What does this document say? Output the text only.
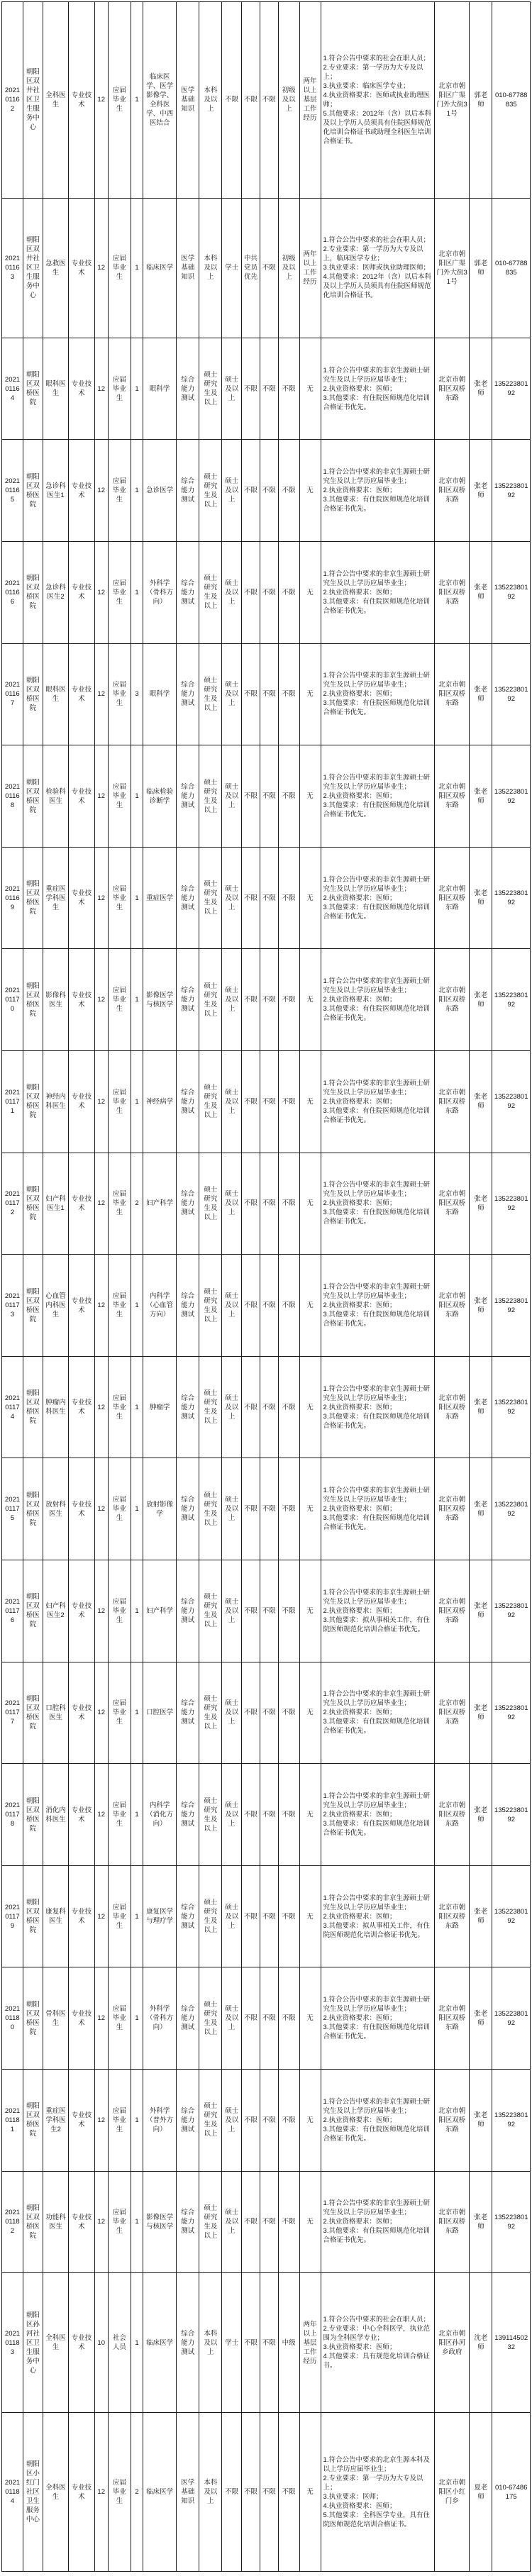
202101162	朝阳区双井社区卫生服务中心	全科医生	专业技术	12	应届毕业生	1	临床医学、医学影像学、全科医学、中西医结合	医学基础知识	本科及以上	不限	不限	不限	初级及以上	两年以上基层工作经历	1.符合公告中要求的社会在职人员；
2.专业要求：第一学历为大专及以上；
3.执业要求：临床医学专业；
4.执业资格要求：医师或执业助理医师；
5.其他要求：2012年（含）以后本科及以上学历人员须具有住院医师规范化培训合格证书或助理全科医生培训合格证书。	北京市朝阳区广渠门外大街31号	郭老师	010-67788835
202101163	朝阳区双井社区卫生服务中心	急救医生	专业技术	12	应届毕业生	1	临床医学	医学基础知识	本科及以上	学士	中共党员优先	不限	初级及以上	两年以上工作经历	1.符合公告中要求的社会在职人员；
2.专业要求：第一学历为大专及以上，临床医学专业；
3.执业要求：医师或执业助理医师；
4.其他要求：2012年（含）以后本科及以上学历人员须具有住院医师规范化培训合格证书。	北京市朝阳区广渠门外大街31号	郭老师	010-67788835
202101164	朝阳区双桥医院	眼科医生	专业技术	12	应届毕业生	1	眼科学	综合能力测试	硕士研究生及以上	硕士及以上	不限	不限	不限	无	1.符合公告中要求的非京生源硕士研究生及以上学历应届毕业生；
2.执业资格要求：医师；
3.其他要求：有住院医师规范化培训合格证书优先。	北京市朝阳区双桥东路	张老师	13522380192
202101165	朝阳区双桥医院	急诊科医生1	专业技术	12	应届毕业生	1	急诊医学	综合能力测试	硕士研究生及以上	硕士及以上	不限	不限	不限	无	1.符合公告中要求的非京生源硕士研究生及以上学历应届毕业生；
2.执业资格要求：医师；
3.其他要求：有住院医师规范化培训合格证书优先。	北京市朝阳区双桥东路	张老师	13522380192
202101166	朝阳区双桥医院	急诊科医生2	专业技术	12	应届毕业生	1	外科学（骨科方向）	综合能力测试	硕士研究生及以上	硕士及以上	不限	不限	不限	无	1.符合公告中要求的非京生源硕士研究生及以上学历应届毕业生；
2.执业资格要求：医师；
3.其他要求：有住院医师规范化培训合格证书优先。	北京市朝阳区双桥东路	张老师	13522380192
202101167	朝阳区双桥医院	眼科医生	专业技术	12	应届毕业生	3	眼科学	综合能力测试	硕士研究生及以上	硕士及以上	不限	不限	不限	无	1.符合公告中要求的非京生源硕士研究生及以上学历应届毕业生；
2.执业资格要求：医师；
3.其他要求：有住院医师规范化培训合格证书优先。	北京市朝阳区双桥东路	张老师	13522380192
202101168	朝阳区双桥医院	检验科医生	专业技术	12	应届毕业生	1	临床检验诊断学	综合能力测试	硕士研究生及以上	硕士及以上	不限	不限	不限	无	1.符合公告中要求的非京生源硕士研究生及以上学历应届毕业生；
2.执业资格要求：医师；
3.其他要求：有住院医师规范化培训合格证书优先。	北京市朝阳区双桥东路	张老师	13522380192
202101169	朝阳区双桥医院	重症医学科医生	专业技术	12	应届毕业生	1	重症医学	综合能力测试	硕士研究生及以上	硕士及以上	不限	不限	不限	无	1.符合公告中要求的非京生源硕士研究生及以上学历应届毕业生；
2.执业资格要求：医师；
3.其他要求：有住院医师规范化培训合格证书优先。	北京市朝阳区双桥东路	张老师	13522380192
202101170	朝阳区双桥医院	影像科医生	专业技术	12	应届毕业生	1	影像医学与核医学	综合能力测试	硕士研究生及以上	硕士及以上	不限	不限	不限	无	1.符合公告中要求的非京生源硕士研究生及以上学历应届毕业生；
2.执业资格要求：医师；
3.其他要求：有住院医师规范化培训合格证书优先。	北京市朝阳区双桥东路	张老师	13522380192
202101171	朝阳区双桥医院	神经内科医生	专业技术	12	应届毕业生	1	神经病学	综合能力测试	硕士研究生及以上	硕士及以上	不限	不限	不限	无	1.符合公告中要求的非京生源硕士研究生及以上学历应届毕业生；
2.执业资格要求：医师；
3.其他要求：有住院医师规范化培训合格证书优先。	北京市朝阳区双桥东路	张老师	13522380192
202101172	朝阳区双桥医院	妇产科医生1	专业技术	12	应届毕业生	2	妇产科学	综合能力测试	硕士研究生及以上	硕士及以上	不限	不限	不限	无	1.符合公告中要求的非京生源硕士研究生及以上学历应届毕业生；
2.执业资格要求：医师；
3.其他要求：有住院医师规范化培训合格证书优先。	北京市朝阳区双桥东路	张老师	13522380192
202101173	朝阳区双桥医院	心血管内科医生	专业技术	12	应届毕业生	1	内科学（心血管方向）	综合能力测试	硕士研究生及以上	硕士及以上	不限	不限	不限	无	1.符合公告中要求的非京生源硕士研究生及以上学历应届毕业生；
2.执业资格要求：医师；
3.其他要求：有住院医师规范化培训合格证书优先。	北京市朝阳区双桥东路	张老师	13522380192
202101174	朝阳区双桥医院	肿瘤内科医生	专业技术	12	应届毕业生	1	肿瘤学	综合能力测试	硕士研究生及以上	硕士及以上	不限	不限	不限	无	1.符合公告中要求的非京生源硕士研究生及以上学历应届毕业生；
2.执业资格要求：医师；
3.其他要求：有住院医师规范化培训合格证书优先。	北京市朝阳区双桥东路	张老师	13522380192
202101175	朝阳区双桥医院	放射科医生	专业技术	12	应届毕业生	1	放射影像学	综合能力测试	硕士研究生及以上	硕士及以上	不限	不限	不限	无	1.符合公告中要求的非京生源硕士研究生及以上学历应届毕业生；
2.执业资格要求：医师；
3.其他要求：有住院医师规范化培训合格证书优先。	北京市朝阳区双桥东路	张老师	13522380192
202101176	朝阳区双桥医院	妇产科医生2	专业技术	12	应届毕业生	1	妇产科学	综合能力测试	硕士研究生及以上	硕士及以上	不限	不限	不限	无	1.符合公告中要求的非京生源硕士研究生及以上学历应届毕业生；
2.执业资格要求：医师；
3.其他要求：拟从事相关工作，有住院医师规范化培训合格证书优先。	北京市朝阳区双桥东路	张老师	13522380192
202101177	朝阳区双桥医院	口腔科医生	专业技术	12	应届毕业生	1	口腔医学	综合能力测试	硕士研究生及以上	硕士及以上	不限	不限	不限	无	1.符合公告中要求的非京生源硕士研究生及以上学历应届毕业生；
2.执业资格要求：医师；
3.其他要求：有住院医师规范化培训合格证书优先。	北京市朝阳区双桥东路	张老师	13522380192
202101178	朝阳区双桥医院	消化内科医生	专业技术	12	应届毕业生	1	内科学（消化方向）	综合能力测试	硕士研究生及以上	硕士及以上	不限	不限	不限	无	1.符合公告中要求的非京生源硕士研究生及以上学历应届毕业生；
2.执业资格要求：医师；
3.其他要求：有住院医师规范化培训合格证书优先。	北京市朝阳区双桥东路	张老师	13522380192
202101179	朝阳区双桥医院	康复科医生	专业技术	12	应届毕业生	1	康复医学与理疗学	综合能力测试	硕士研究生及以上	硕士及以上	不限	不限	不限	无	1.符合公告中要求的非京生源硕士研究生及以上学历应届毕业生；
2.执业资格要求：医师；
3.其他要求：拟从事相关工作，有住院医师规范化培训合格证书优先。	北京市朝阳区双桥东路	张老师	13522380192
202101180	朝阳区双桥医院	骨科医生	专业技术	12	应届毕业生	1	外科学（骨科方向）	综合能力测试	硕士研究生及以上	硕士及以上	不限	不限	不限	无	1.符合公告中要求的非京生源硕士研究生及以上学历应届毕业生；
2.执业资格要求：医师；
3.其他要求：有住院医师规范化培训合格证书优先。	北京市朝阳区双桥东路	张老师	13522380192
202101181	朝阳区双桥医院	重症医学科医生2	专业技术	12	应届毕业生	1	外科学（普外方向）	综合能力测试	硕士研究生及以上	硕士及以上	不限	不限	不限	无	1.符合公告中要求的非京生源硕士研究生及以上学历应届毕业生；
2.执业资格要求：医师；
3.其他要求：有住院医师规范化培训合格证书优先。	北京市朝阳区双桥东路	张老师	13522380192
202101182	朝阳区双桥医院	功能科医生	专业技术	12	应届毕业生	1	影像医学与核医学	综合能力测试	硕士研究生及以上	硕士及以上	不限	不限	不限	无	1.符合公告中要求的非京生源硕士研究生及以上学历应届毕业生；
2.执业资格要求：医师；
3.其他要求：有住院医师规范化培训合格证书优先。	北京市朝阳区双桥东路	张老师	13522380192
202101183	朝阳区孙河社区卫生服务中心	全科医生	专业技术	10	社会人员	1	临床医学	综合能力测试	本科及以上	学士	不限	不限	中级	两年以上基层工作经历	1.符合公告中要求的社会在职人员；
2.专业要求：中心全科医学，执业范围为全科医学专业；
3.执业资格要求：医师；
4.其他要求：具有规范化培训合格证书。	北京市朝阳区孙河乡政府	沈老师	13911450232
202101184	朝阳区小红门社区卫生服务中心	全科医生	专业技术	12	应届毕业生	2	临床医学	医学基础知识	本科及以上	不限	不限	不限	不限	无	1.符合公告中要求的北京生源本科及以上学历应届毕业生；
2.专业要求：第一学历为大专及以上；
3.执业要求：医师；
4.执业资格要求：医师；
5.其他要求：全科医学专业，具有住院医师规范化培训合格证书。	北京市朝阳区小红门乡	夏老师	010-67486175
